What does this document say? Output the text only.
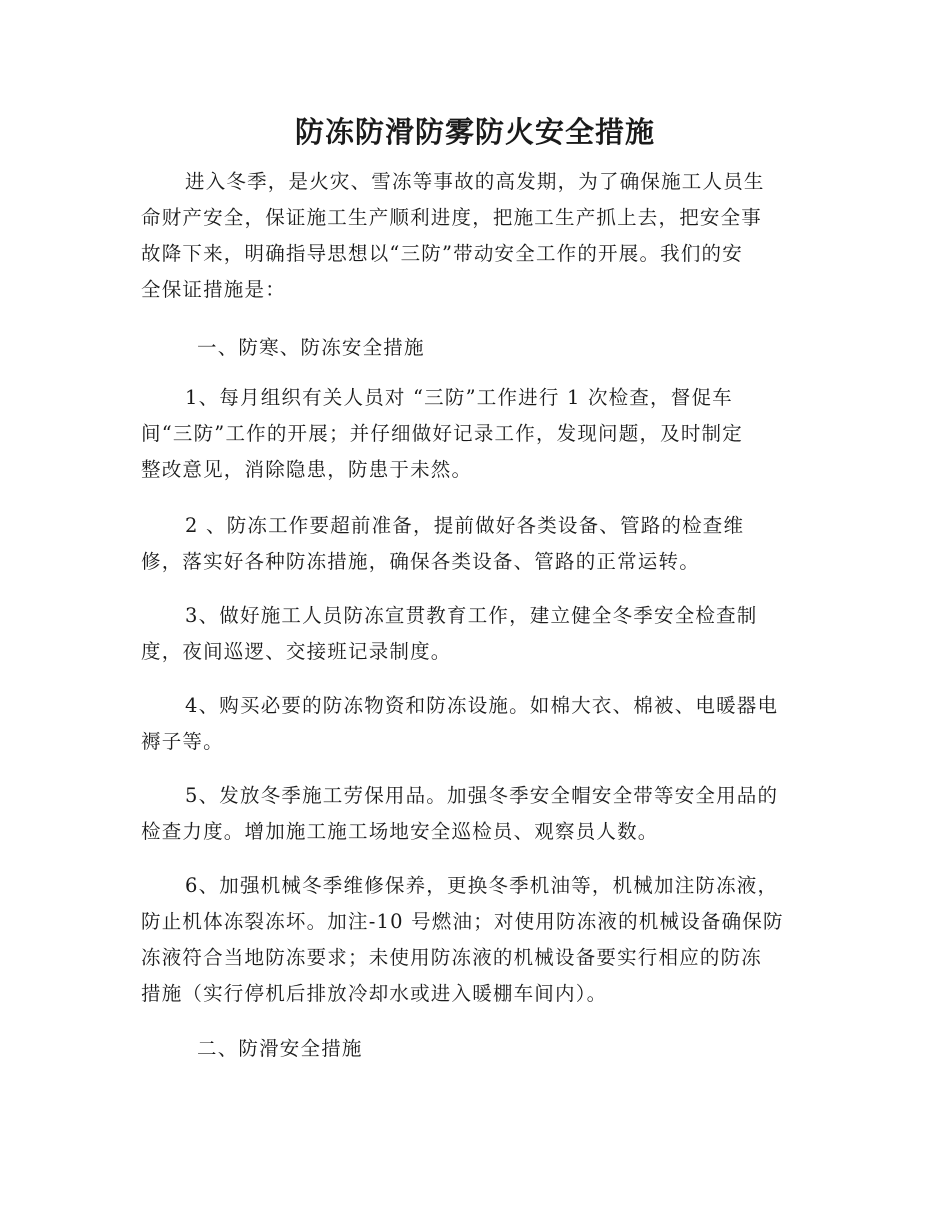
防冻防滑防雾防火安全措施
进入冬季，是火灾、雪冻等事故的高发期，为了确保施工人员生
命财产安全，保证施工生产顺利进度，把施工生产抓上去，把安全事
故降下来，明确指导思想以“三防”带动安全工作的开展。我们的安
全保证措施是：

一、防寒、防冻安全措施

1、每月组织有关人员对 “三防”工作进行 1 次检查，督促车
间“三防”工作的开展；并仔细做好记录工作，发现问题，及时制定
整改意见，消除隐患，防患于未然。
2 、防冻工作要超前准备，提前做好各类设备、管路的检查维
修，落实好各种防冻措施，确保各类设备、管路的正常运转。
3、做好施工人员防冻宣贯教育工作，建立健全冬季安全检查制
度，夜间巡逻、交接班记录制度。
4、购买必要的防冻物资和防冻设施。如棉大衣、棉被、电暖器电
褥子等。
5、发放冬季施工劳保用品。加强冬季安全帽安全带等安全用品的
检查力度。增加施工施工场地安全巡检员、观察员人数。
6、加强机械冬季维修保养，更换冬季机油等，机械加注防冻液，
防止机体冻裂冻坏。加注-10 号燃油；对使用防冻液的机械设备确保防
冻液符合当地防冻要求；未使用防冻液的机械设备要实行相应的防冻
措施（实行停机后排放冷却水或进入暖棚车间内）。

二、防滑安全措施
